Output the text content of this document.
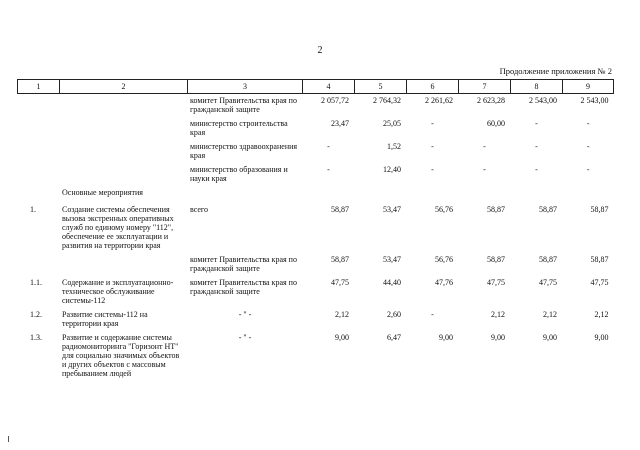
2
Продолжение приложения № 2
1	2	3	4	5	6	7	8	9
		комитет Правительства края по гражданской защите	2 057,72	2 764,32	2 261,62	2 623,28	2 543,00	2 543,00
		министерство строительства края	23,47	25,05	-	60,00	-	-
		министерство здравоохранения края	-	1,52	-	-	-	-
		министерство образования и науки края	-	12,40	-	-	-	-
	Основные мероприятия							
1.	Создание системы обеспечения вызова экстренных оперативных служб по единому номеру "112", обеспечение ее эксплуатации и развития на территории края	всего	58,87	53,47	56,76	58,87	58,87	58,87
		комитет Правительства края по гражданской защите	58,87	53,47	56,76	58,87	58,87	58,87
1.1.	Содержание и эксплуатационно-техническое обслуживание системы-112	комитет Правительства края по гражданской защите	47,75	44,40	47,76	47,75	47,75	47,75
1.2.	Развитие системы-112 на территории края	- " -	2,12	2,60	-	2,12	2,12	2,12
1.3.	Развитие и содержание системы радиомониторинга "Горизонт НТ" для социально значимых объектов и других объектов с массовым пребыванием людей	- " -	9,00	6,47	9,00	9,00	9,00	9,00
